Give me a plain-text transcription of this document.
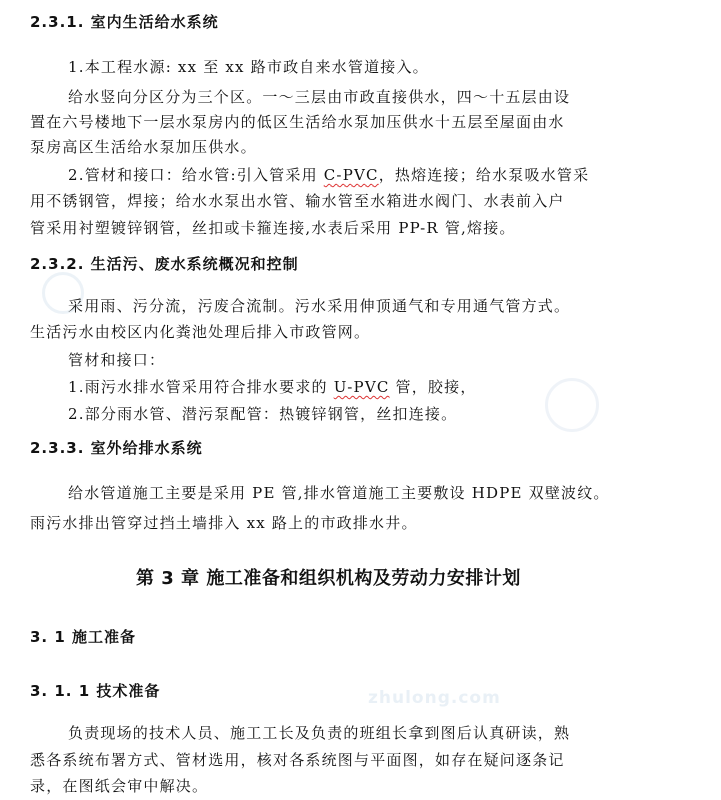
zhulong.com
2.3.1. 室内生活给水系统
1.本工程水源: xx 至 xx 路市政自来水管道接入。
给水竖向分区分为三个区。一～三层由市政直接供水，四～十五层由设
置在六号楼地下一层水泵房内的低区生活给水泵加压供水十五层至屋面由水
泵房高区生活给水泵加压供水。
2.管材和接口：给水管:引入管采用 C-PVC，热熔连接；给水泵吸水管采
用不锈钢管，焊接；给水水泵出水管、输水管至水箱进水阀门、水表前入户
管采用衬塑镀锌钢管，丝扣或卡箍连接,水表后采用 PP-R 管,熔接。
2.3.2. 生活污、废水系统概况和控制
采用雨、污分流，污废合流制。污水采用伸顶通气和专用通气管方式。
生活污水由校区内化粪池处理后排入市政管网。
管材和接口：
1.雨污水排水管采用符合排水要求的 U-PVC 管，胶接，
2.部分雨水管、潜污泵配管：热镀锌钢管，丝扣连接。
2.3.3. 室外给排水系统
给水管道施工主要是采用 PE 管,排水管道施工主要敷设 HDPE 双壁波纹。
雨污水排出管穿过挡土墙排入 xx 路上的市政排水井。
第 3 章 施工准备和组织机构及劳动力安排计划
3. 1 施工准备
3. 1. 1 技术准备
负责现场的技术人员、施工工长及负责的班组长拿到图后认真研读，熟
悉各系统布署方式、管材选用，核对各系统图与平面图，如存在疑问逐条记
录，在图纸会审中解决。
